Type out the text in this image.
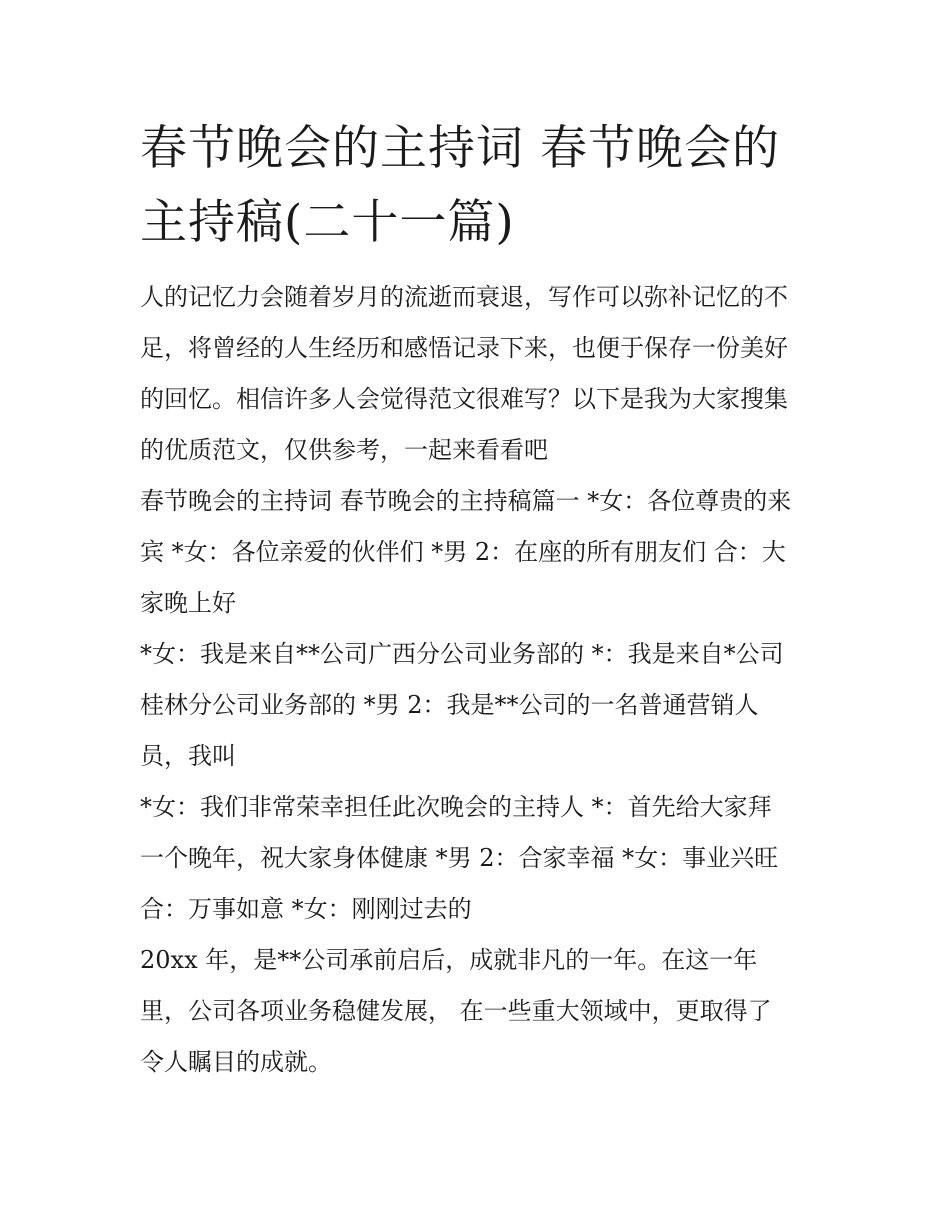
春节晚会的主持词 春节晚会的
主持稿(二十一篇)
人的记忆力会随着岁月的流逝而衰退，写作可以弥补记忆的不
足，将曾经的人生经历和感悟记录下来，也便于保存一份美好
的回忆。相信许多人会觉得范文很难写？以下是我为大家搜集
的优质范文，仅供参考，一起来看看吧
春节晚会的主持词 春节晚会的主持稿篇一 *女：各位尊贵的来
宾 *女：各位亲爱的伙伴们 *男 2：在座的所有朋友们 合：大
家晚上好
*女：我是来自**公司广西分公司业务部的 *：我是来自*公司
桂林分公司业务部的 *男 2：我是**公司的一名普通营销人
员，我叫
*女：我们非常荣幸担任此次晚会的主持人 *：首先给大家拜
一个晚年，祝大家身体健康 *男 2：合家幸福 *女：事业兴旺
合：万事如意 *女：刚刚过去的
20xx 年，是**公司承前启后，成就非凡的一年。在这一年
里，公司各项业务稳健发展， 在一些重大领域中，更取得了
令人瞩目的成就。
